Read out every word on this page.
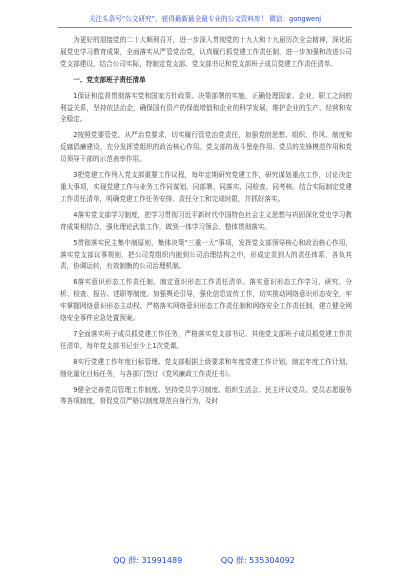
关注头条号“公文研究”，获得最新最全最专业的公文资料库！ 微信：gongwenj

为更好的迎接党的二十大顺利召开，进一步深入贯彻党的十九大和十九届历次全会精神，深化拓展党史学习教育成果，全面落实从严管党治党，认真履行抓党建工作责任制，进一步加强和改进公司党支部建设，结合公司实际，特制定党支部、党支部书记和党支部班子成员党建工作责任清单。

一、党支部班子责任清单

1保证和监督贯彻落实党和国家方针政策、决策部署的实施，正确处理国家、企业、职工之间的利益关系，坚持依法治企，确保国有资产的保值增值和企业的科学发展，维护企业的生产、经营和安全稳定。

2按照党要管党、从严治党要求，切实履行管党治党责任，加强党的思想、组织、作风、制度和反腐倡廉建设，充分发挥党组织的政治核心作用。党支部的战斗堡垒作用、党员的先锋模范作用和党员领导干部的示范表率作用。

3把党建工作列入党支部重要工作议程，每年定期研究党建工作，研究谋划重点工作，讨论决定重大事项，实现党建工作与业务工作同谋划、同部署、同落实、同检查、同考核。结合实际制定党建工作责任清单，明确党建工作任务安排、责任分工和完成时限，并抓好落实。

4落实党支部学习制度，把学习贯彻习近平新时代中国特色社会主义思想与巩固深化党史学习教育成果相结合，强化理论武装工作，做到一体学习领会、整体贯彻落实。

5贯彻落实民主集中制原则，集体决策“三重一大”事项，发挥党支部领导核心和政治核心作用，落实党支部议事规则，把公司党组织内嵌到公司治理结构之中，形成定责到人的责任体系，各负其责，协调运转，有效制衡的公司治理机制。

6落实意识形态工作责任制，制定意识形态工作责任清单。落实意识形态工作学习、研究、分析、检查、报告、述职等制度。加强舆论引导，强化信息宣传工作，切实推动网络意识形态安全，牢牢掌握网络意识形态主动权。严格落实网络意识形态工作责任制和网络安全工作责任制，建立健全网络安全事件应急处置预案。

7全面落实班子成员抓党建工作任务，严格落实党支部书记、其他党支部班子成员抓党建工作责任清单，每年党支部书记至少上1次党课。

8实行党建工作年度目标管理。党支部根据上级要求和年度党建工作计划，制定年度工作计划，细化量化目标任务，与各部门签订《党风廉政工作责任书》。

9健全完善党员管理工作制度。坚持党员学习制度、组织生活会、民主评议党员、党员志愿服务等各项制度，督促党员严格以制度规范自身行为，及时

QQ 群: 31991489	QQ 群: 535304092
